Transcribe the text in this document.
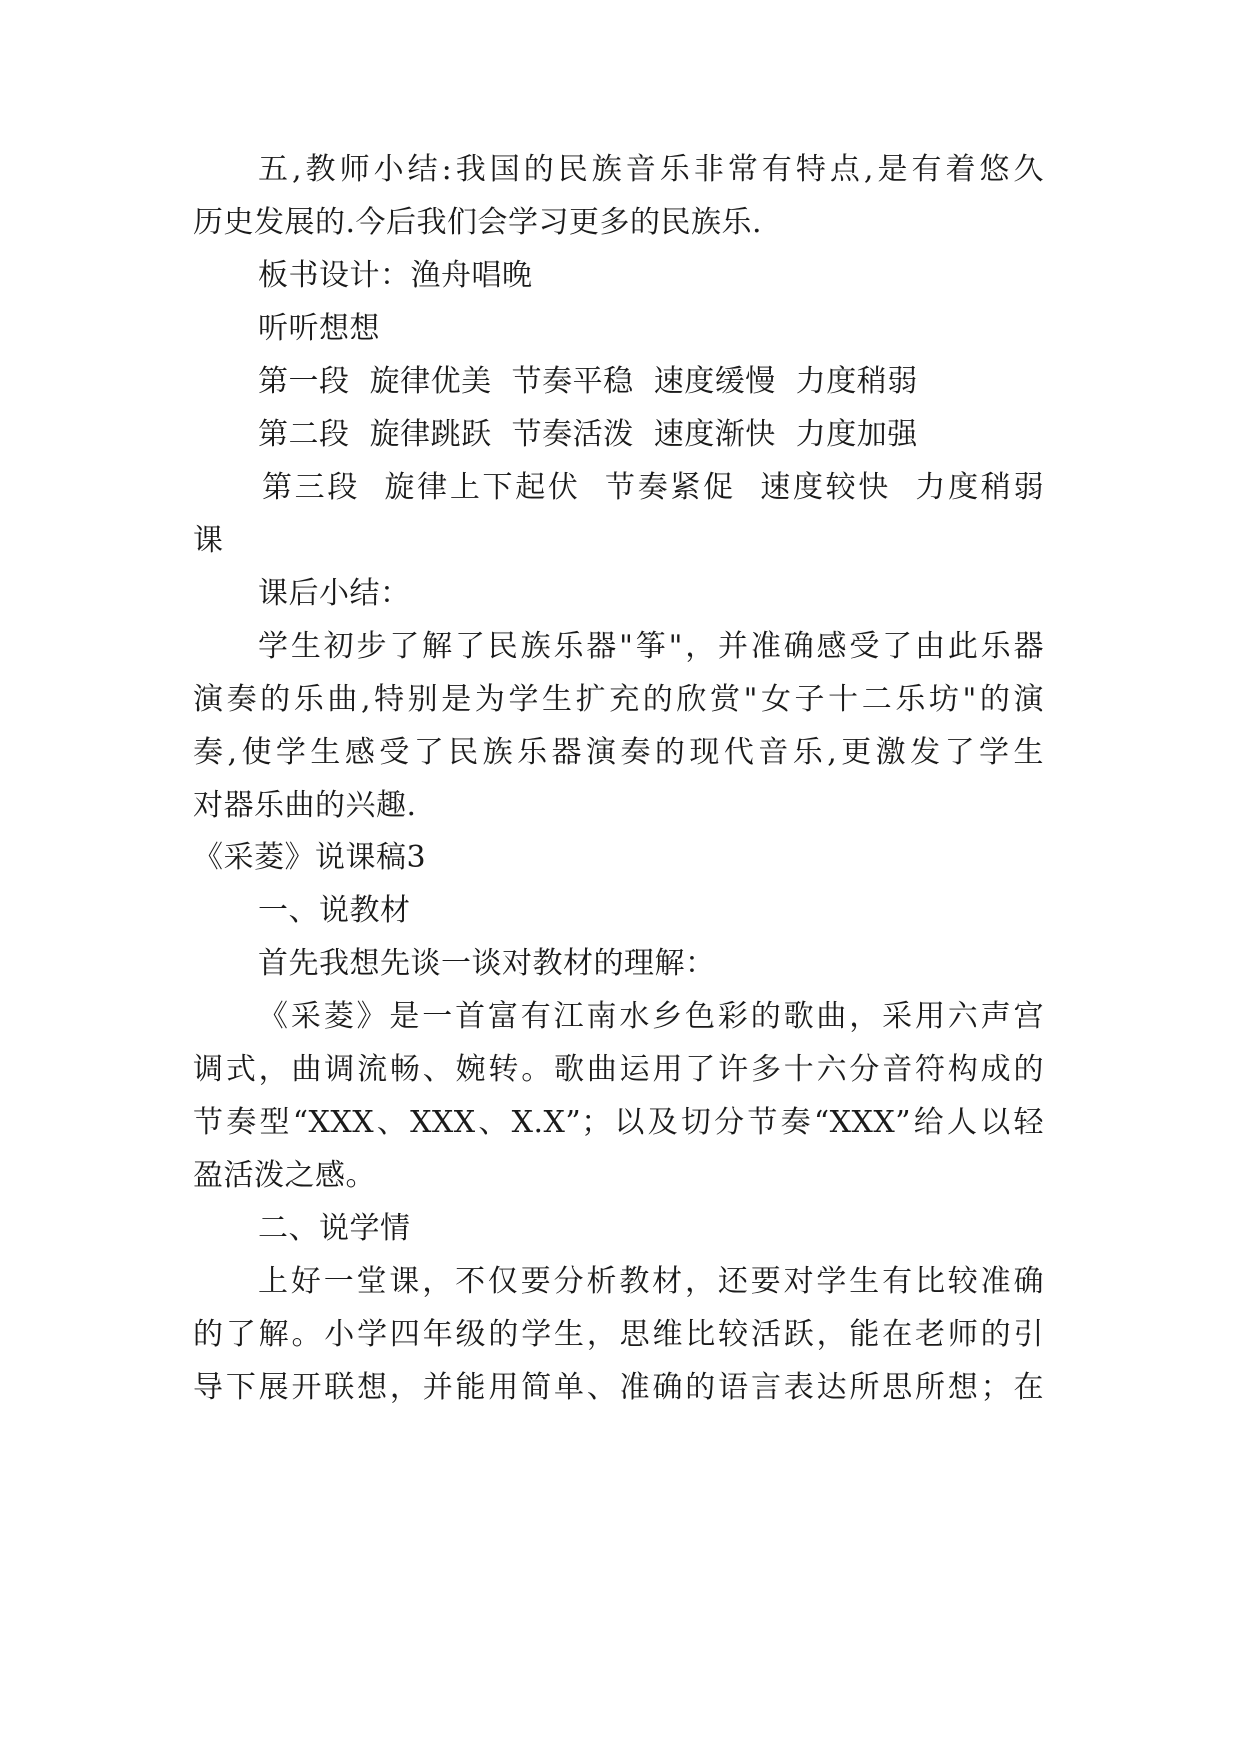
五,教师小结:我国的民族音乐非常有特点,是有着悠久
历史发展的.今后我们会学习更多的民族乐.
板书设计：渔舟唱晚
听听想想
第一段  旋律优美  节奏平稳  速度缓慢  力度稍弱
第二段  旋律跳跃  节奏活泼  速度渐快  力度加强
第三段  旋律上下起伏  节奏紧促  速度较快  力度稍弱
课
课后小结：
学生初步了解了民族乐器"筝"，并准确感受了由此乐器
演奏的乐曲,特别是为学生扩充的欣赏"女子十二乐坊"的演
奏,使学生感受了民族乐器演奏的现代音乐,更激发了学生
对器乐曲的兴趣.
《采菱》说课稿3
一、说教材
首先我想先谈一谈对教材的理解：
《采菱》是一首富有江南水乡色彩的歌曲，采用六声宫
调式，曲调流畅、婉转。歌曲运用了许多十六分音符构成的
节奏型“XXX、XXX、X.X”；以及切分节奏“XXX”给人以轻
盈活泼之感。
二、说学情
上好一堂课，不仅要分析教材，还要对学生有比较准确
的了解。小学四年级的学生，思维比较活跃，能在老师的引
导下展开联想，并能用简单、准确的语言表达所思所想；在
